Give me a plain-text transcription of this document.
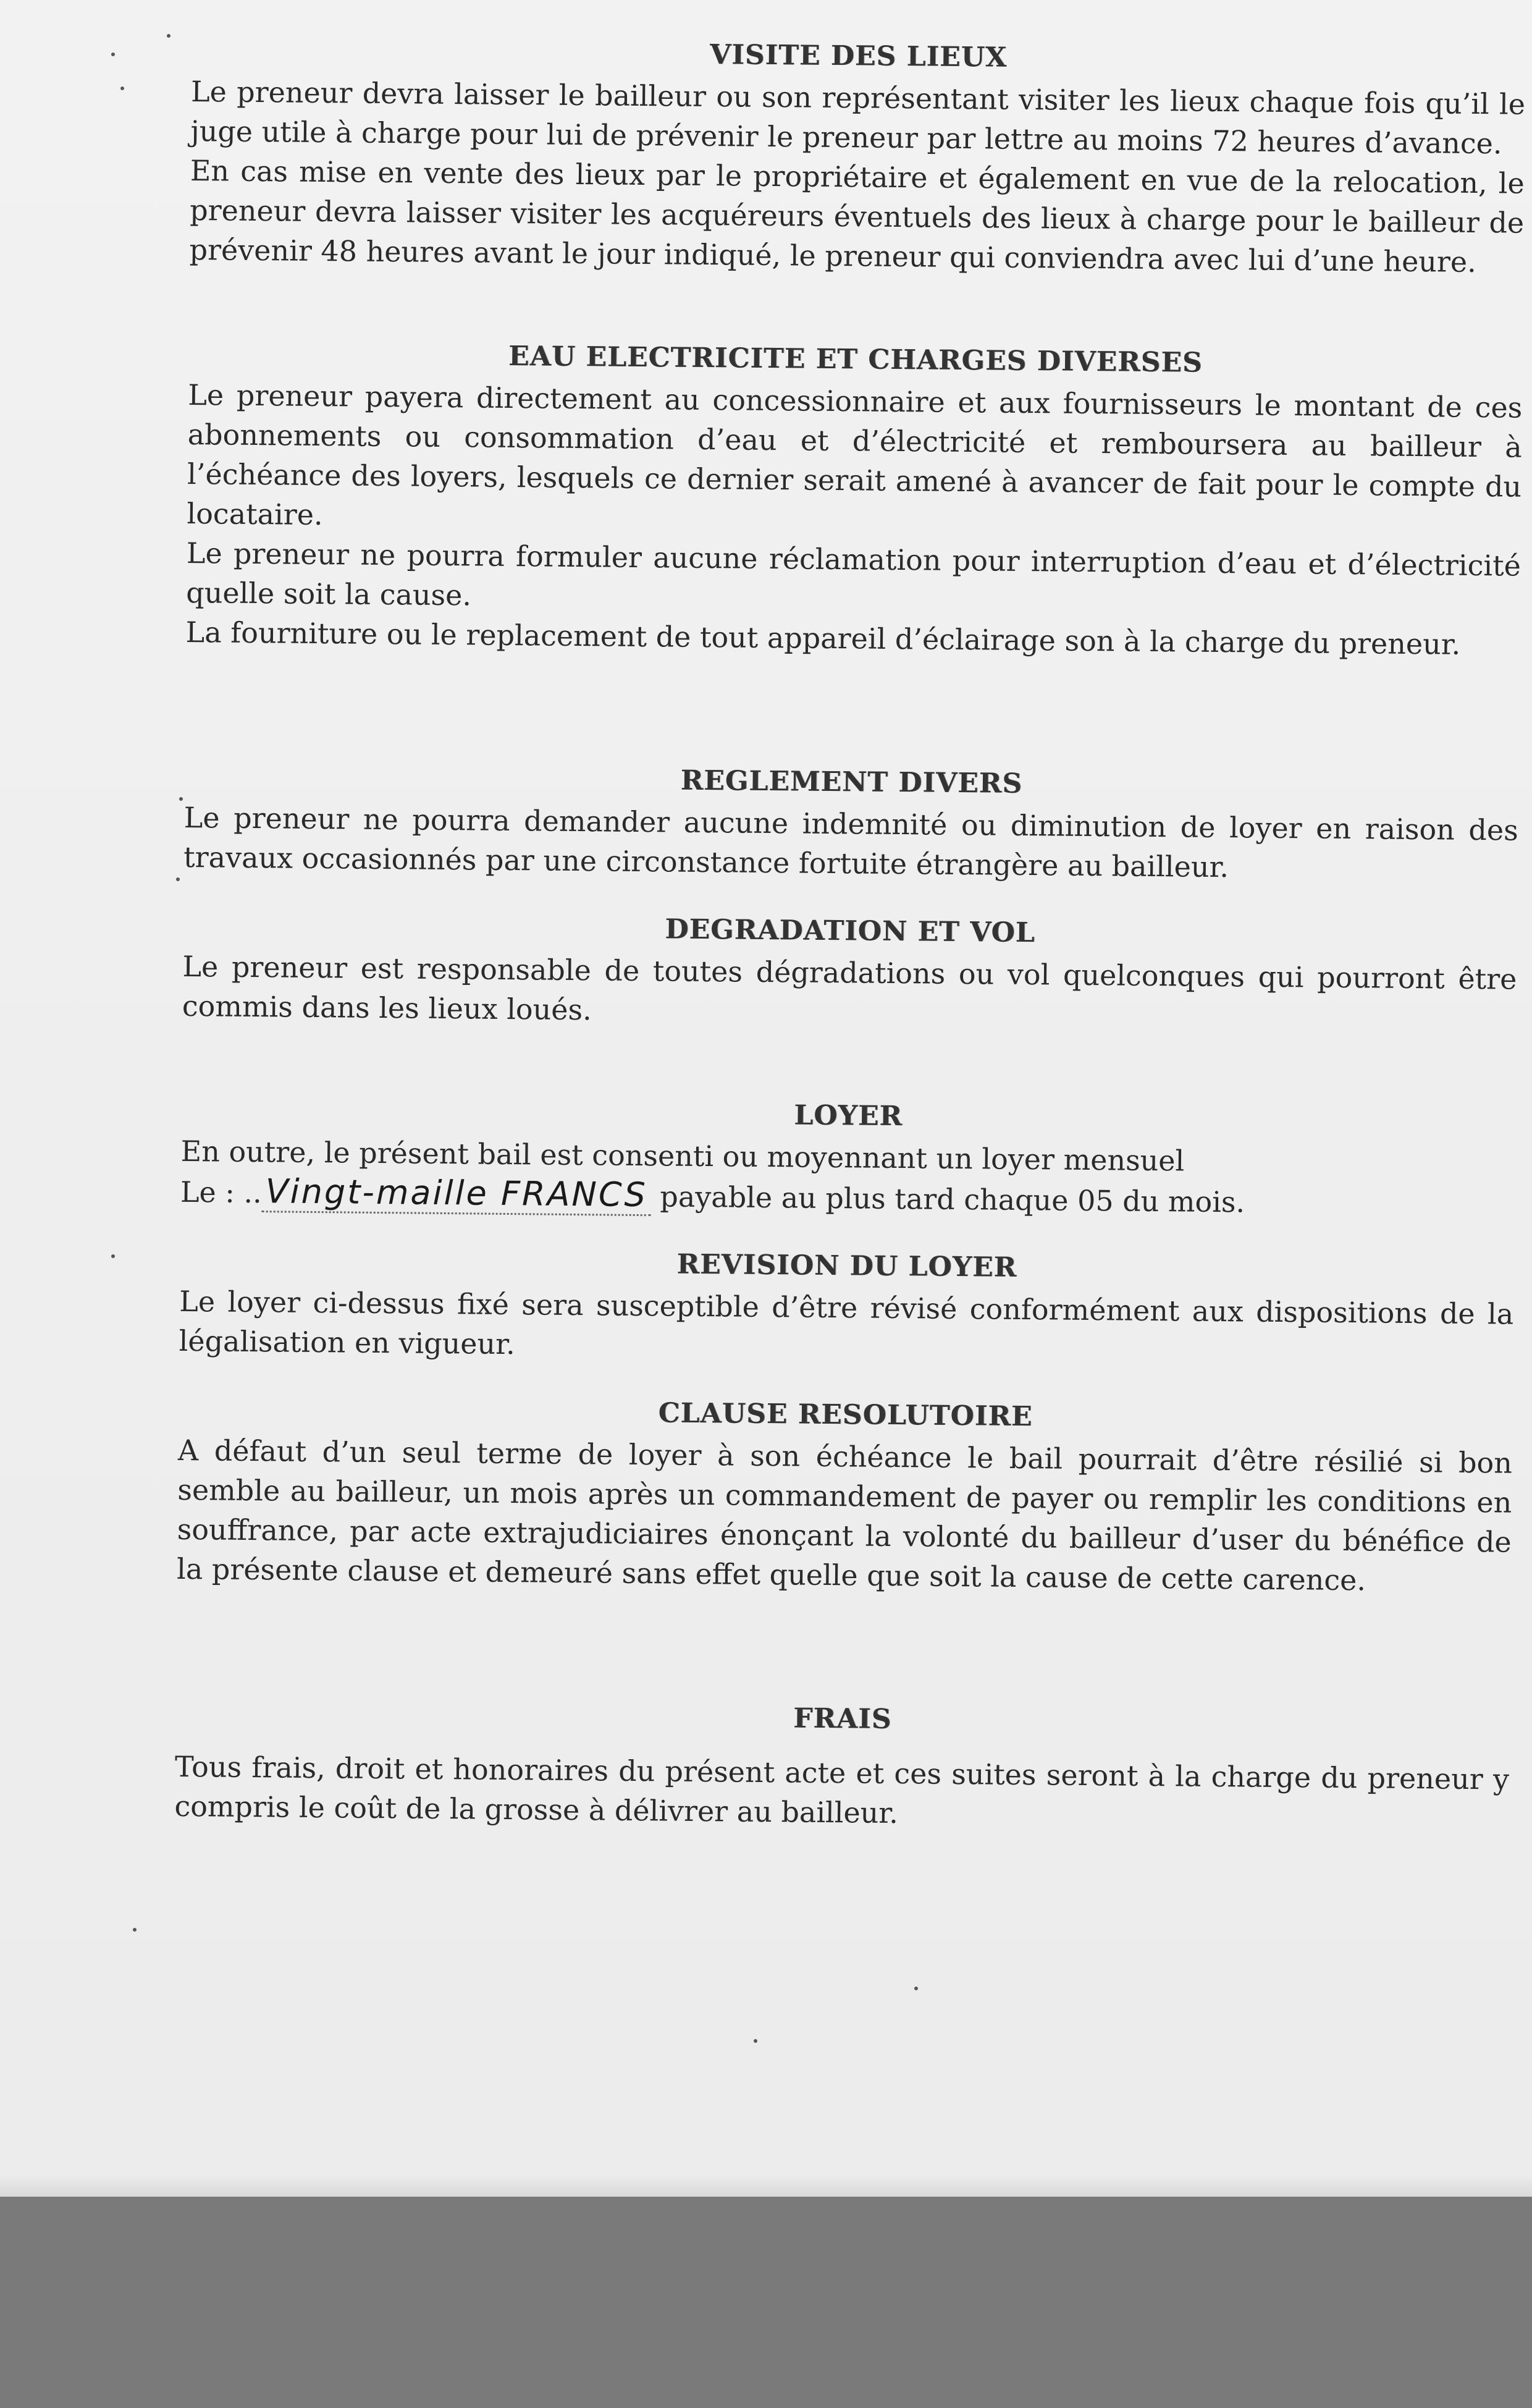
VISITE DES LIEUX

Le preneur devra laisser le bailleur ou son représentant visiter les lieux chaque fois qu’il le juge utile à charge pour lui de prévenir le preneur par lettre au moins 72 heures d’avance.

En cas mise en vente des lieux par le propriétaire et également en vue de la relocation, le preneur devra laisser visiter les acquéreurs éventuels des lieux à charge pour le bailleur de prévenir 48 heures avant le jour indiqué, le preneur qui conviendra avec lui d’une heure.

EAU ELECTRICITE ET CHARGES DIVERSES

Le preneur payera directement au concessionnaire et aux fournisseurs le montant de ces abonnements ou consommation d’eau et d’électricité et remboursera au bailleur à l’échéance des loyers, lesquels ce dernier serait amené à avancer de fait pour le compte du locataire.

Le preneur ne pourra formuler aucune réclamation pour interruption d’eau et d’électricité quelle soit la cause.

La fourniture ou le replacement de tout appareil d’éclairage son à la charge du preneur.

REGLEMENT DIVERS

Le preneur ne pourra demander aucune indemnité ou diminution de loyer en raison des travaux occasionnés par une circonstance fortuite étrangère au bailleur.

DEGRADATION ET VOL

Le preneur est responsable de toutes dégradations ou vol quelconques qui pourront être commis dans les lieux loués.

LOYER

En outre, le présent bail est consenti ou moyennant un loyer mensuel

Le : .. Vingt-maille FRANCS payable au plus tard chaque 05 du mois.

REVISION DU LOYER

Le loyer ci-dessus fixé sera susceptible d’être révisé conformément aux dispositions de la légalisation en vigueur.

CLAUSE RESOLUTOIRE

A défaut d’un seul terme de loyer à son échéance le bail pourrait d’être résilié si bon semble au bailleur, un mois après un commandement de payer ou remplir les conditions en souffrance, par acte extrajudiciaires énonçant la volonté du bailleur d’user du bénéfice de la présente clause et demeuré sans effet quelle que soit la cause de cette carence.

FRAIS

Tous frais, droit et honoraires du présent acte et ces suites seront à la charge du preneur y compris le coût de la grosse à délivrer au bailleur.
